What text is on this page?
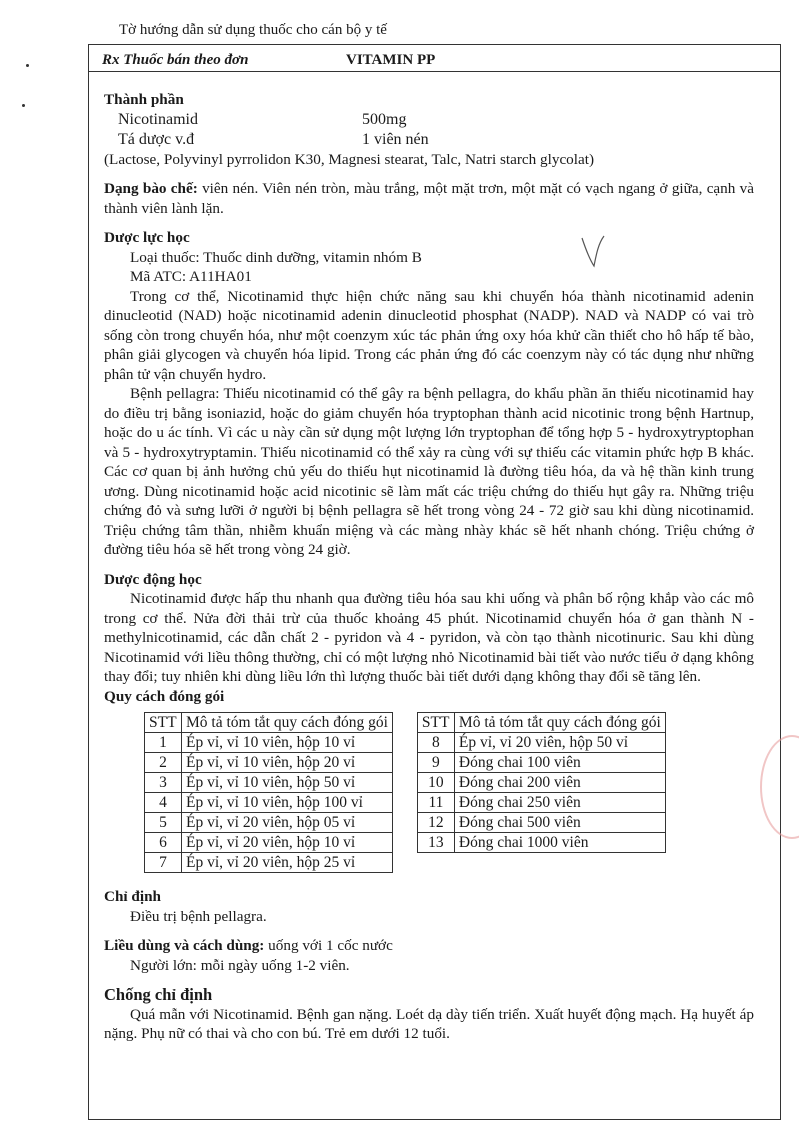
Tờ hướng dẫn sử dụng thuốc cho cán bộ y tế
Rx Thuốc bán theo đơn	VITAMIN PP
Thành phần
Nicotinamid	500mg
Tá dược v.đ	1 viên nén

(Lactose, Polyvinyl pyrrolidon K30, Magnesi stearat, Talc, Natri starch glycolat)

Dạng bào chế: viên nén. Viên nén tròn, màu trắng, một mặt trơn, một mặt có vạch ngang ở giữa, cạnh và thành viên lành lặn.

Dược lực học

Loại thuốc: Thuốc dinh dưỡng, vitamin nhóm B

Mã ATC: A11HA01

Trong cơ thể, Nicotinamid thực hiện chức năng sau khi chuyển hóa thành nicotinamid adenin dinucleotid (NAD) hoặc nicotinamid adenin dinucleotid phosphat (NADP). NAD và NADP có vai trò sống còn trong chuyển hóa, như một coenzym xúc tác phản ứng oxy hóa khử cần thiết cho hô hấp tế bào, phân giải glycogen và chuyển hóa lipid. Trong các phản ứng đó các coenzym này có tác dụng như những phân tử vận chuyển hydro.

Bệnh pellagra: Thiếu nicotinamid có thể gây ra bệnh pellagra, do khẩu phần ăn thiếu nicotinamid hay do điều trị bằng isoniazid, hoặc do giảm chuyển hóa tryptophan thành acid nicotinic trong bệnh Hartnup, hoặc do u ác tính. Vì các u này cần sử dụng một lượng lớn tryptophan để tổng hợp 5 - hydroxytryptophan và 5 - hydroxytryptamin. Thiếu nicotinamid có thể xảy ra cùng với sự thiếu các vitamin phức hợp B khác. Các cơ quan bị ảnh hưởng chủ yếu do thiếu hụt nicotinamid là đường tiêu hóa, da và hệ thần kinh trung ương. Dùng nicotinamid hoặc acid nicotinic sẽ làm mất các triệu chứng do thiếu hụt gây ra. Những triệu chứng đỏ và sưng lưỡi ở người bị bệnh pellagra sẽ hết trong vòng 24 - 72 giờ sau khi dùng nicotinamid. Triệu chứng tâm thần, nhiễm khuẩn miệng và các màng nhày khác sẽ hết nhanh chóng. Triệu chứng ở đường tiêu hóa sẽ hết trong vòng 24 giờ.

Dược động học

Nicotinamid được hấp thu nhanh qua đường tiêu hóa sau khi uống và phân bố rộng khắp vào các mô trong cơ thể. Nửa đời thải trừ của thuốc khoảng 45 phút. Nicotinamid chuyển hóa ở gan thành N - methylnicotinamid, các dẫn chất 2 - pyridon và 4 - pyridon, và còn tạo thành nicotinuric. Sau khi dùng Nicotinamid với liều thông thường, chỉ có một lượng nhỏ Nicotinamid bài tiết vào nước tiểu ở dạng không thay đổi; tuy nhiên khi dùng liều lớn thì lượng thuốc bài tiết dưới dạng không thay đổi sẽ tăng lên.

Quy cách đóng gói
STT	Mô tả tóm tắt quy cách đóng gói
1	Ép vỉ, vỉ 10 viên, hộp 10 vỉ
2	Ép vỉ, vỉ 10 viên, hộp 20 vỉ
3	Ép vỉ, vỉ 10 viên, hộp 50 vỉ
4	Ép vỉ, vỉ 10 viên, hộp 100 vỉ
5	Ép vỉ, vỉ 20 viên, hộp 05 vỉ
6	Ép vỉ, vỉ 20 viên, hộp 10 vỉ
7	Ép vỉ, vỉ 20 viên, hộp 25 vỉ
STT	Mô tả tóm tắt quy cách đóng gói
8	Ép vỉ, vỉ 20 viên, hộp 50 vỉ
9	Đóng chai 100 viên
10	Đóng chai 200 viên
11	Đóng chai 250 viên
12	Đóng chai 500 viên
13	Đóng chai 1000 viên
Chỉ định

Điều trị bệnh pellagra.

Liều dùng và cách dùng: uống với 1 cốc nước

Người lớn: mỗi ngày uống 1-2 viên.

Chống chỉ định

Quá mẫn với Nicotinamid. Bệnh gan nặng. Loét dạ dày tiến triển. Xuất huyết động mạch. Hạ huyết áp nặng. Phụ nữ có thai và cho con bú. Trẻ em dưới 12 tuổi.
